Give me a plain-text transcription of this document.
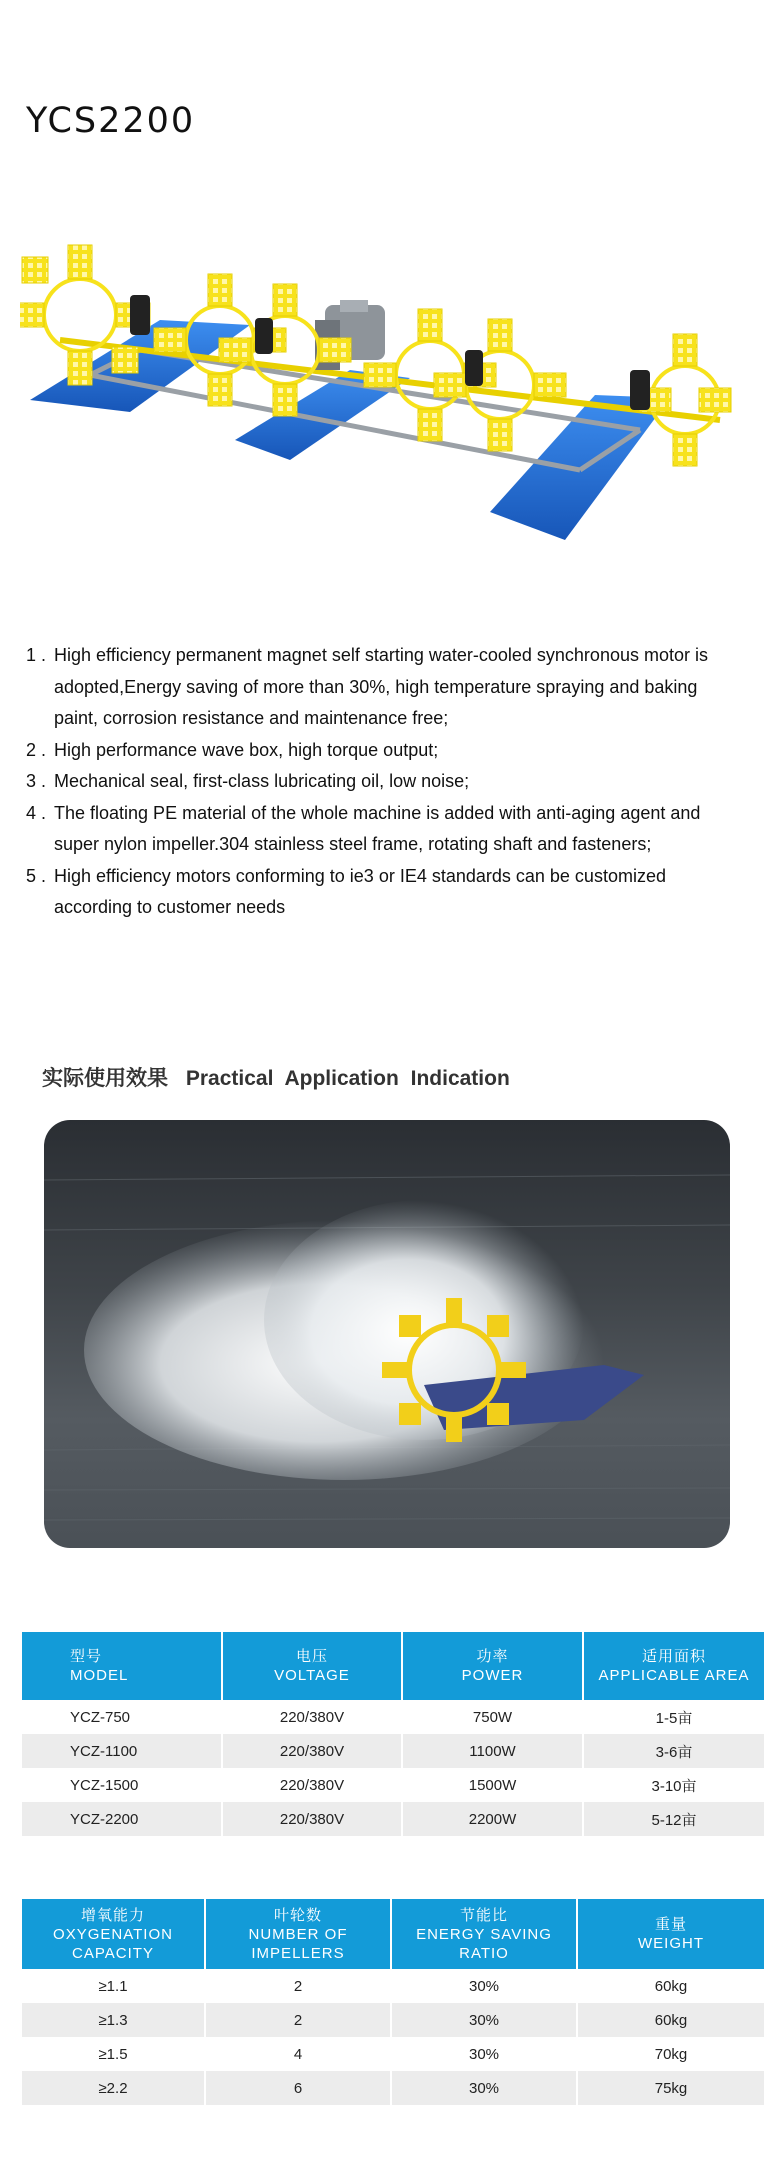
YCS2200
1 . High efficiency permanent magnet self starting water-cooled synchronous motor is adopted,Energy saving of more than 30%, high temperature spraying and baking paint, corrosion resistance and maintenance free;
2 . High performance wave box, high torque output;
3 . Mechanical seal, first-class lubricating oil, low noise;
4 . The floating PE material of the whole machine is added with anti-aging agent and super nylon impeller.304 stainless steel frame, rotating shaft and fasteners;
5 . High efficiency motors conforming to ie3 or IE4 standards can be customized according to customer needs
实际使用效果 Practical Application Indication
型号
MODEL	电压
VOLTAGE	功率
POWER	适用面积
APPLICABLE AREA

YCZ-750	220/380V	750W	1-5亩
YCZ-1100	220/380V	1100W	3-6亩
YCZ-1500	220/380V	1500W	3-10亩
YCZ-2200	220/380V	2200W	5-12亩
增氧能力
OXYGENATION CAPACITY	叶轮数
NUMBER OF IMPELLERS	节能比
ENERGY SAVING RATIO	重量
WEIGHT

≥1.1	2	30%	60kg
≥1.3	2	30%	60kg
≥1.5	4	30%	70kg
≥2.2	6	30%	75kg
